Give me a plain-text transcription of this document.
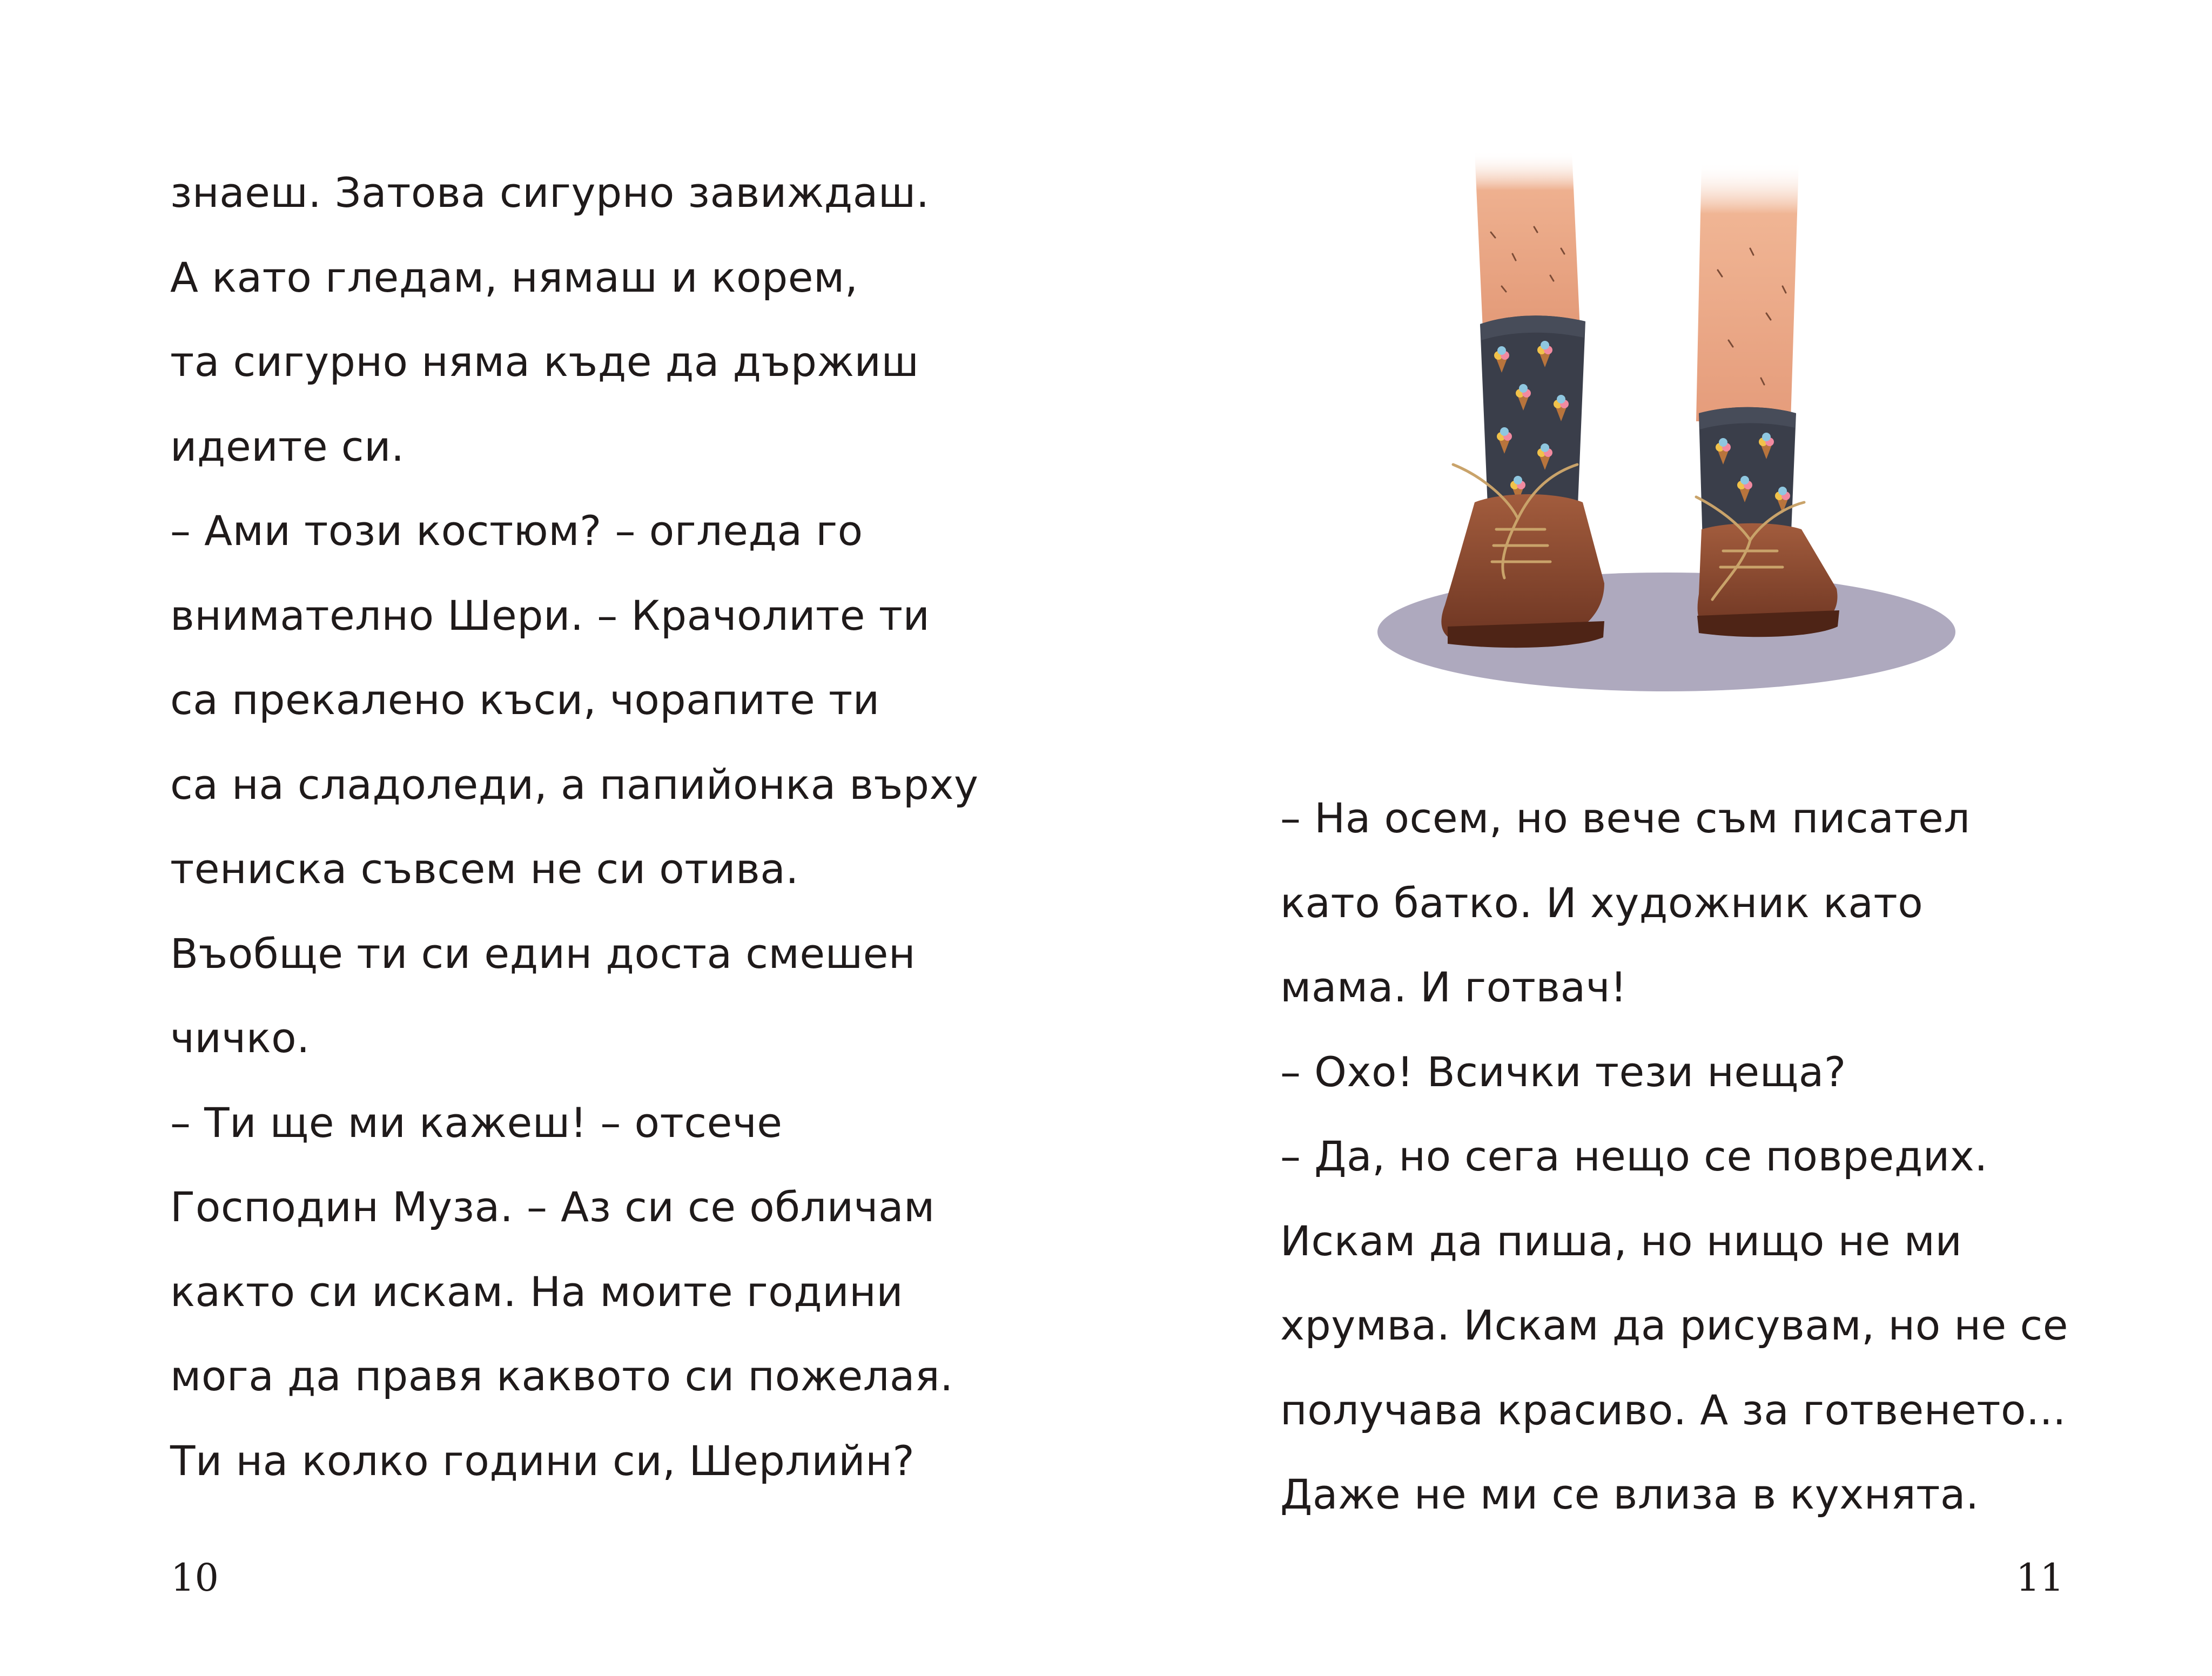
знаеш. Затова сигурно завиждаш.
А като гледам, нямаш и корем,
та сигурно няма къде да държиш
идеите си.
– Ами този костюм? – огледа го
внимателно Шери. – Крачолите ти
са прекалено къси, чорапите ти
са на сладоледи, а папийонка върху
тениска съвсем не си отива.
Въобще ти си един доста смешен
чичко.
– Ти ще ми кажеш! – отсече
Господин Муза. – Аз си се обличам
както си искам. На моите години
мога да правя каквото си пожелая.
Ти на колко години си, Шерлийн?
10
– На осем, но вече съм писател
като батко. И художник като
мама. И готвач!
– Охо! Всички тези неща?
– Да, но сега нещо се повредих.
Искам да пиша, но нищо не ми
хрумва. Искам да рисувам, но не се
получава красиво. А за готвенето...
Даже не ми се влиза в кухнята.
11
